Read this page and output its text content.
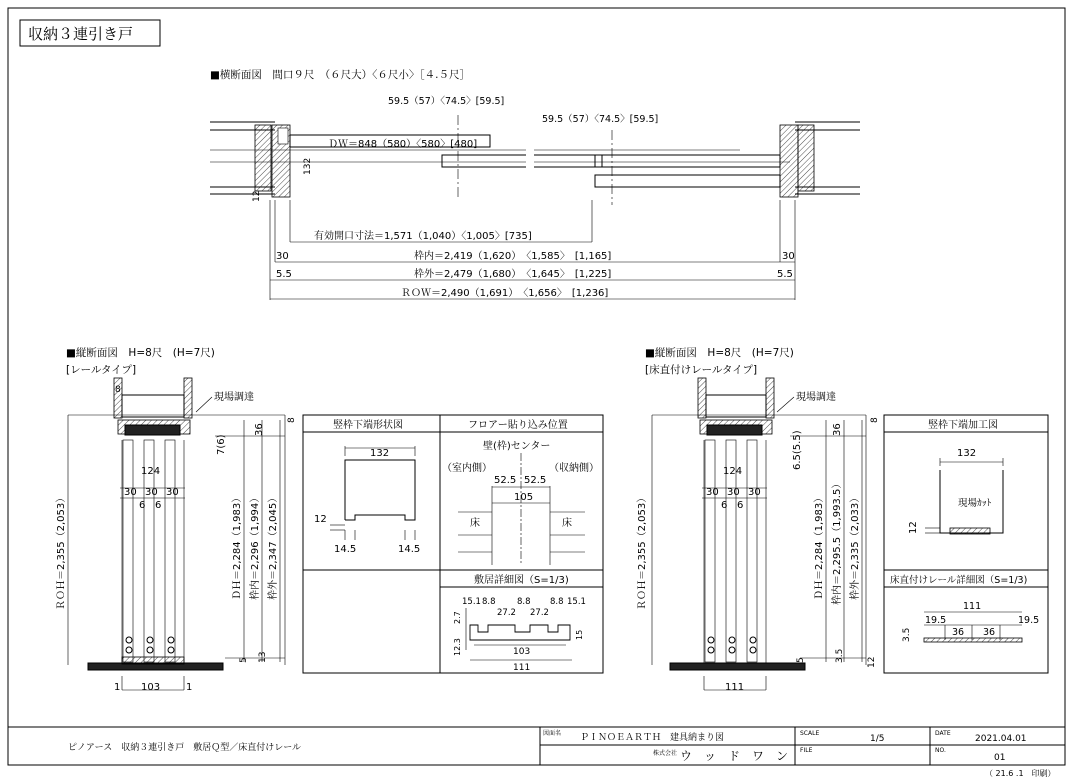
収納３連引き戸
■横断面図　間口９尺　（６尺大）〈６尺小〉［４.５尺］
59.5（57）〈74.5〉[59.5]
59.5（57）〈74.5〉[59.5]
ＤＷ＝848（580）〈580〉[480]
132
12
有効開口寸法＝1,571（1,040）〈1,005〉[735]
30	30
枠内＝2,419（1,620）　〈1,585〉　[1,165]
5.5	5.5
枠外＝2,479（1,680）　〈1,645〉　[1,225]
ＲＯＷ＝2,490（1,691）　〈1,656〉　[1,236]
■縦断面図　H=8尺　(H=7尺)
[レールタイプ]
現場調達
8
8
124
30 30 30
6 6
ＲＯＨ＝2,355（2,053）
7(6)
36
ＤＨ＝2,284（1,983） 枠内＝2,296（1,994） 枠外＝2,347（2,045）
5 13
1 103	1
竪枠下端形状図
132
12
14.5	14.5
フロアー貼り込み位置
壁(枠)センター
（室内側）	（収納側）
52.5 52.5
105
床	床
敷居詳細図（S=1/3)
15.1 8.8	8.8 8.8 15.1
27.2 27.2
2.7
12.3
15
103
111
■縦断面図　H=8尺　(H=7尺)
[床直付けレールタイプ]
現場調達
8
124
30 30 30
6 6
ＲＯＨ＝2,355（2,053）
6.5(5.5)
36
ＤＨ＝2,284（1,983） 枠内＝2,295.5（1,993.5） 枠外＝2,335（2,033）
5	3.5 12
111
竪枠下端加工図
132
現場ｶｯﾄ
12
床直付けレール詳細図（S=1/3)
111
19.5
36 36
19.5
3.5
ピノアース　収納３連引き戸　敷居Ｑ型／床直付けレール
図面名 ＰＩＮＯＥＡＲＴＨ　建具納まり図
株式会社 ウ　ッ　ド　ワ　ン
SCALE
1/5
FILE
DATE
2021.04.01
NO.
01
（ 21.6 .1　印刷）
